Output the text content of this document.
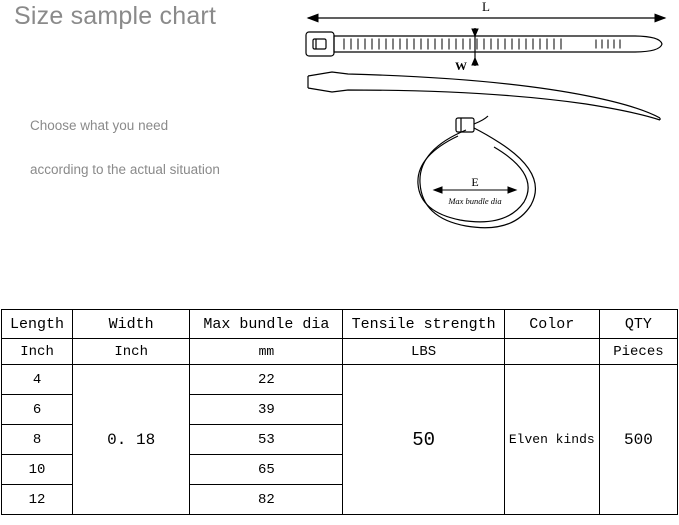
Size sample chart
Choose what you need
according to the actual situation
L
W
E
Max bundle dia
Length	Width	Max bundle dia	Tensile strength	Color	QTY
Inch	Inch	mm	LBS		Pieces
4	0. 18	22	50	Elven kinds	500
6		39			
8		53			
10		65			
12		82			
